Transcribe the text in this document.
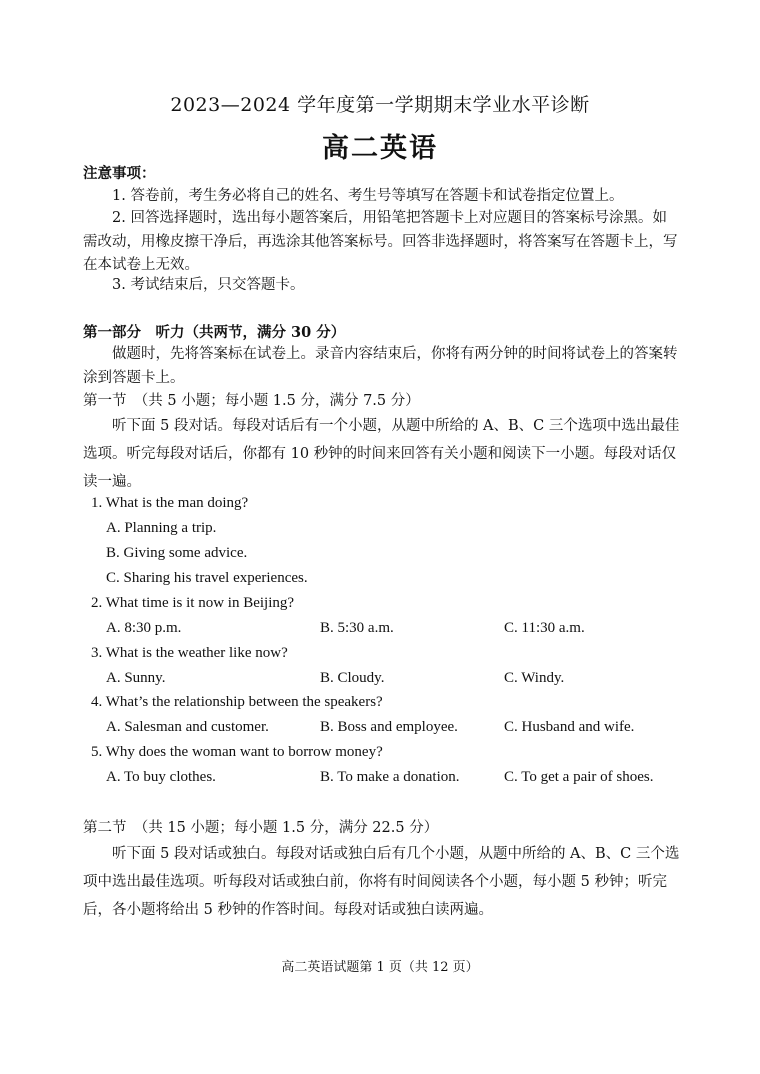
2023—2024 学年度第一学期期末学业水平诊断
高二英语
注意事项：
1. 答卷前，考生务必将自己的姓名、考生号等填写在答题卡和试卷指定位置上。
2. 回答选择题时，选出每小题答案后，用铅笔把答题卡上对应题目的答案标号涂黑。如需改动，用橡皮擦干净后，再选涂其他答案标号。回答非选择题时，将答案写在答题卡上，写在本试卷上无效。
3. 考试结束后，只交答题卡。
第一部分　听力（共两节，满分 30 分）
做题时，先将答案标在试卷上。录音内容结束后，你将有两分钟的时间将试卷上的答案转涂到答题卡上。
第一节　（共 5 小题；每小题 1.5 分，满分 7.5 分）
听下面 5 段对话。每段对话后有一个小题，从题中所给的 A、B、C 三个选项中选出最佳选项。听完每段对话后，你都有 10 秒钟的时间来回答有关小题和阅读下一小题。每段对话仅读一遍。
1. What is the man doing?
A. Planning a trip.
B. Giving some advice.
C. Sharing his travel experiences.
2. What time is it now in Beijing?
A. 8:30 p.m.	B. 5:30 a.m.	C. 11:30 a.m.
3. What is the weather like now?
A. Sunny.	B. Cloudy.	C. Windy.
4. What’s the relationship between the speakers?
A. Salesman and customer.	B. Boss and employee.	C. Husband and wife.
5. Why does the woman want to borrow money?
A. To buy clothes.	B. To make a donation.	C. To get a pair of shoes.
第二节　（共 15 小题；每小题 1.5 分，满分 22.5 分）
听下面 5 段对话或独白。每段对话或独白后有几个小题，从题中所给的 A、B、C 三个选项中选出最佳选项。听每段对话或独白前，你将有时间阅读各个小题，每小题 5 秒钟；听完后，各小题将给出 5 秒钟的作答时间。每段对话或独白读两遍。
高二英语试题第 1 页（共 12 页）
